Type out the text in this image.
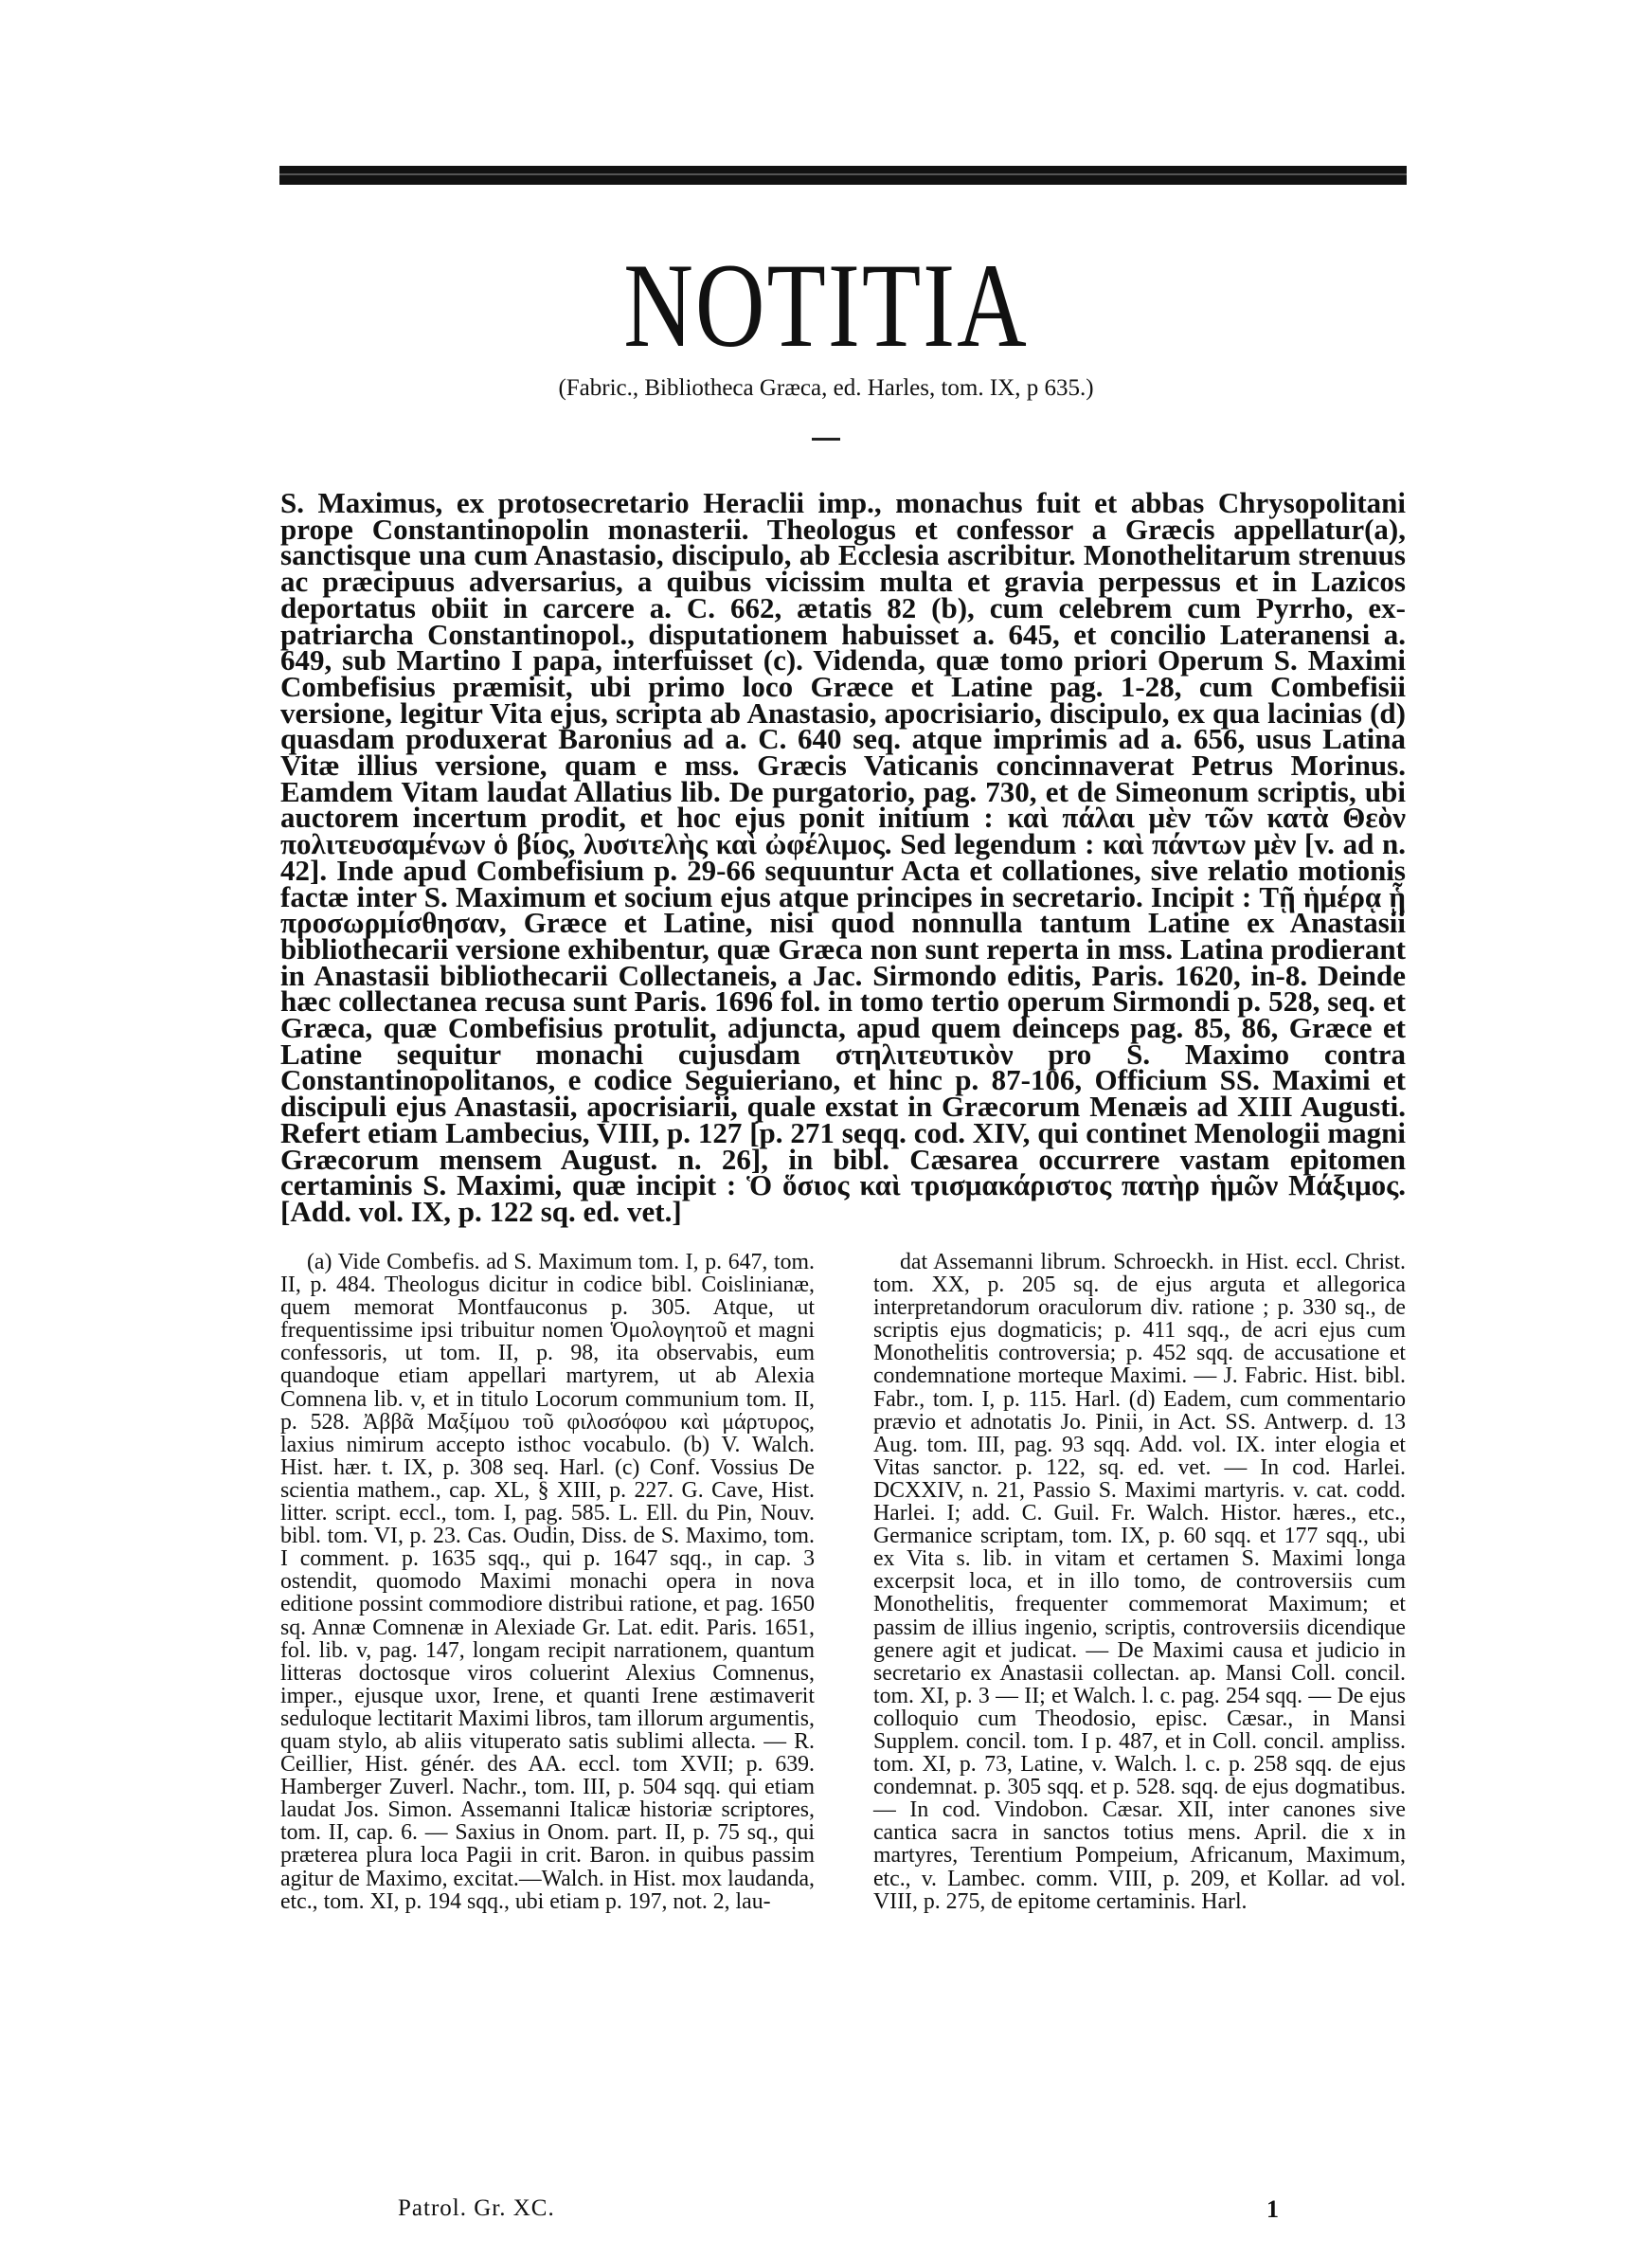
NOTITIA
(Fabric., Bibliotheca Græca, ed. Harles, tom. IX, p 635.)

S. Maximus, ex protosecretario Heraclii imp., monachus fuit et abbas Chrysopolitani prope Constantinopolin monasterii. Theologus et confessor a Græcis appellatur(a), sanctisque una cum Anastasio, discipulo, ab Ecclesia ascribitur. Monothelitarum strenuus ac præcipuus adversarius, a quibus vicissim multa et gravia perpessus et in Lazicos deportatus obiit in carcere a. C. 662, ætatis 82 (b), cum celebrem cum Pyrrho, ex-patriarcha Constantinopol., disputationem habuisset a. 645, et concilio Lateranensi a. 649, sub Martino I papa, interfuisset (c). Videnda, quæ tomo priori Operum S. Maximi Combefisius præmisit, ubi primo loco Græce et Latine pag. 1-28, cum Combefisii versione, legitur Vita ejus, scripta ab Anastasio, apocrisiario, discipulo, ex qua lacinias (d) quasdam produxerat Baronius ad a. C. 640 seq. atque imprimis ad a. 656, usus Latina Vitæ illius versione, quam e mss. Græcis Vaticanis concinnaverat Petrus Morinus. Eamdem Vitam laudat Allatius lib. De purgatorio, pag. 730, et de Simeonum scriptis, ubi auctorem incertum prodit, et hoc ejus ponit initium : καὶ πάλαι μὲν τῶν κατὰ Θεὸν πολιτευσαμένων ὁ βίος, λυσιτελὴς καὶ ὠφέλιμος. Sed legendum : καὶ πάντων μὲν [v. ad n. 42]. Inde apud Combefisium p. 29-66 sequuntur Acta et collationes, sive relatio motionis factæ inter S. Maximum et socium ejus atque principes in secretario. Incipit : Τῇ ἡμέρᾳ ᾗ προσωρμίσθησαν, Græce et Latine, nisi quod nonnulla tantum Latine ex Anastasii bibliothecarii versione exhibentur, quæ Græca non sunt reperta in mss. Latina prodierant in Anastasii bibliothecarii Collectaneis, a Jac. Sirmondo editis, Paris. 1620, in-8. Deinde hæc collectanea recusa sunt Paris. 1696 fol. in tomo tertio operum Sirmondi p. 528, seq. et Græca, quæ Combefisius protulit, adjuncta, apud quem deinceps pag. 85, 86, Græce et Latine sequitur monachi cujusdam στηλιτευτικὸν pro S. Maximo contra Constantinopolitanos, e codice Seguieriano, et hinc p. 87-106, Officium SS. Maximi et discipuli ejus Anastasii, apocrisiarii, quale exstat in Græcorum Menæis ad XIII Augusti. Refert etiam Lambecius, VIII, p. 127 [p. 271 seqq. cod. XIV, qui continet Menologii magni Græcorum mensem August. n. 26], in bibl. Cæsarea occurrere vastam epitomen certaminis S. Maximi, quæ incipit : Ὁ ὅσιος καὶ τρισμακάριστος πατὴρ ἡμῶν Μάξιμος. [Add. vol. IX, p. 122 sq. ed. vet.]

(a) Vide Combefis. ad S. Maximum tom. I, p. 647, tom. II, p. 484. Theologus dicitur in codice bibl. Coislinianæ, quem memorat Montfauconus p. 305. Atque, ut frequentissime ipsi tribuitur nomen Ὁμολογητοῦ et magni confessoris, ut tom. II, p. 98, ita observabis, eum quandoque etiam appellari martyrem, ut ab Alexia Comnena lib. v, et in titulo Locorum communium tom. II, p. 528. Ἀββᾶ Μαξίμου τοῦ φιλοσόφου καὶ μάρτυρος, laxius nimirum accepto isthoc vocabulo. (b) V. Walch. Hist. hær. t. IX, p. 308 seq. Harl. (c) Conf. Vossius De scientia mathem., cap. XL, § XIII, p. 227. G. Cave, Hist. litter. script. eccl., tom. I, pag. 585. L. Ell. du Pin, Nouv. bibl. tom. VI, p. 23. Cas. Oudin, Diss. de S. Maximo, tom. I comment. p. 1635 sqq., qui p. 1647 sqq., in cap. 3 ostendit, quomodo Maximi monachi opera in nova editione possint commodiore distribui ratione, et pag. 1650 sq. Annæ Comnenæ in Alexiade Gr. Lat. edit. Paris. 1651, fol. lib. v, pag. 147, longam recipit narrationem, quantum litteras doctosque viros coluerint Alexius Comnenus, imper., ejusque uxor, Irene, et quanti Irene æstimaverit seduloque lectitarit Maximi libros, tam illorum argumentis, quam stylo, ab aliis vituperato satis sublimi allecta. — R. Ceillier, Hist. génér. des AA. eccl. tom XVII; p. 639. Hamberger Zuverl. Nachr., tom. III, p. 504 sqq. qui etiam laudat Jos. Simon. Assemanni Italicæ historiæ scriptores, tom. II, cap. 6. — Saxius in Onom. part. II, p. 75 sq., qui præterea plura loca Pagii in crit. Baron. in quibus passim agitur de Maximo, excitat.—Walch. in Hist. mox laudanda, etc., tom. XI, p. 194 sqq., ubi etiam p. 197, not. 2, lau-

dat Assemanni librum. Schroeckh. in Hist. eccl. Christ. tom. XX, p. 205 sq. de ejus arguta et allegorica interpretandorum oraculorum div. ratione ; p. 330 sq., de scriptis ejus dogmaticis; p. 411 sqq., de acri ejus cum Monothelitis controversia; p. 452 sqq. de accusatione et condemnatione morteque Maximi. — J. Fabric. Hist. bibl. Fabr., tom. I, p. 115. Harl. (d) Eadem, cum commentario prævio et adnotatis Jo. Pinii, in Act. SS. Antwerp. d. 13 Aug. tom. III, pag. 93 sqq. Add. vol. IX. inter elogia et Vitas sanctor. p. 122, sq. ed. vet. — In cod. Harlei. DCXXIV, n. 21, Passio S. Maximi martyris. v. cat. codd. Harlei. I; add. C. Guil. Fr. Walch. Histor. hæres., etc., Germanice scriptam, tom. IX, p. 60 sqq. et 177 sqq., ubi ex Vita s. lib. in vitam et certamen S. Maximi longa excerpsit loca, et in illo tomo, de controversiis cum Monothelitis, frequenter commemorat Maximum; et passim de illius ingenio, scriptis, controversiis dicendique genere agit et judicat. — De Maximi causa et judicio in secretario ex Anastasii collectan. ap. Mansi Coll. concil. tom. XI, p. 3 — II; et Walch. l. c. pag. 254 sqq. — De ejus colloquio cum Theodosio, episc. Cæsar., in Mansi Supplem. concil. tom. I p. 487, et in Coll. concil. ampliss. tom. XI, p. 73, Latine, v. Walch. l. c. p. 258 sqq. de ejus condemnat. p. 305 sqq. et p. 528. sqq. de ejus dogmatibus. — In cod. Vindobon. Cæsar. XII, inter canones sive cantica sacra in sanctos totius mens. April. die x in martyres, Terentium Pompeium, Africanum, Maximum, etc., v. Lambec. comm. VIII, p. 209, et Kollar. ad vol. VIII, p. 275, de epitome certaminis. Harl.

Patrol. Gr. XC.	1
